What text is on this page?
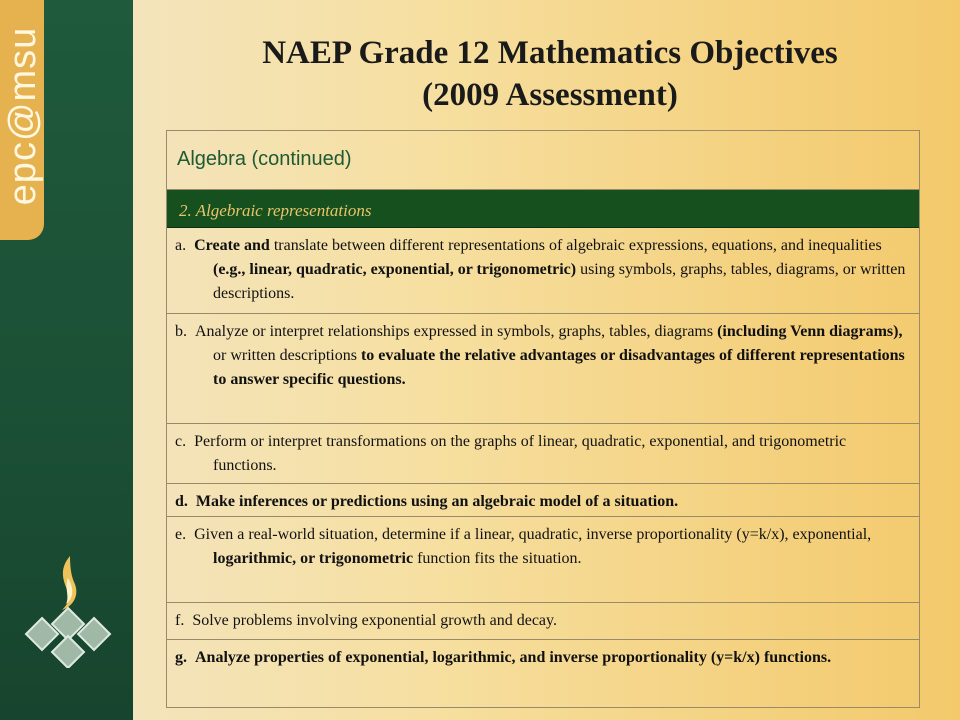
epc@msu	NAEP Grade 12 Mathematics Objectives
(2009 Assessment)
Algebra (continued)
2. Algebraic representations
a.  Create and translate between different representations of algebraic expressions, equations, and inequalities (e.g., linear, quadratic, exponential, or trigonometric) using symbols, graphs, tables, diagrams, or written descriptions.
b.  Analyze or interpret relationships expressed in symbols, graphs, tables, diagrams (including Venn diagrams), or written descriptions to evaluate the relative advantages or disadvantages of different representations to answer specific questions.
c.  Perform or interpret transformations on the graphs of linear, quadratic, exponential, and trigonometric functions.
d.  Make inferences or predictions using an algebraic model of a situation.
e.  Given a real-world situation, determine if a linear, quadratic, inverse proportionality (y=k/x), exponential, logarithmic, or trigonometric function fits the situation.
f.  Solve problems involving exponential growth and decay.
g.  Analyze properties of exponential, logarithmic, and inverse proportionality (y=k/x) functions.
